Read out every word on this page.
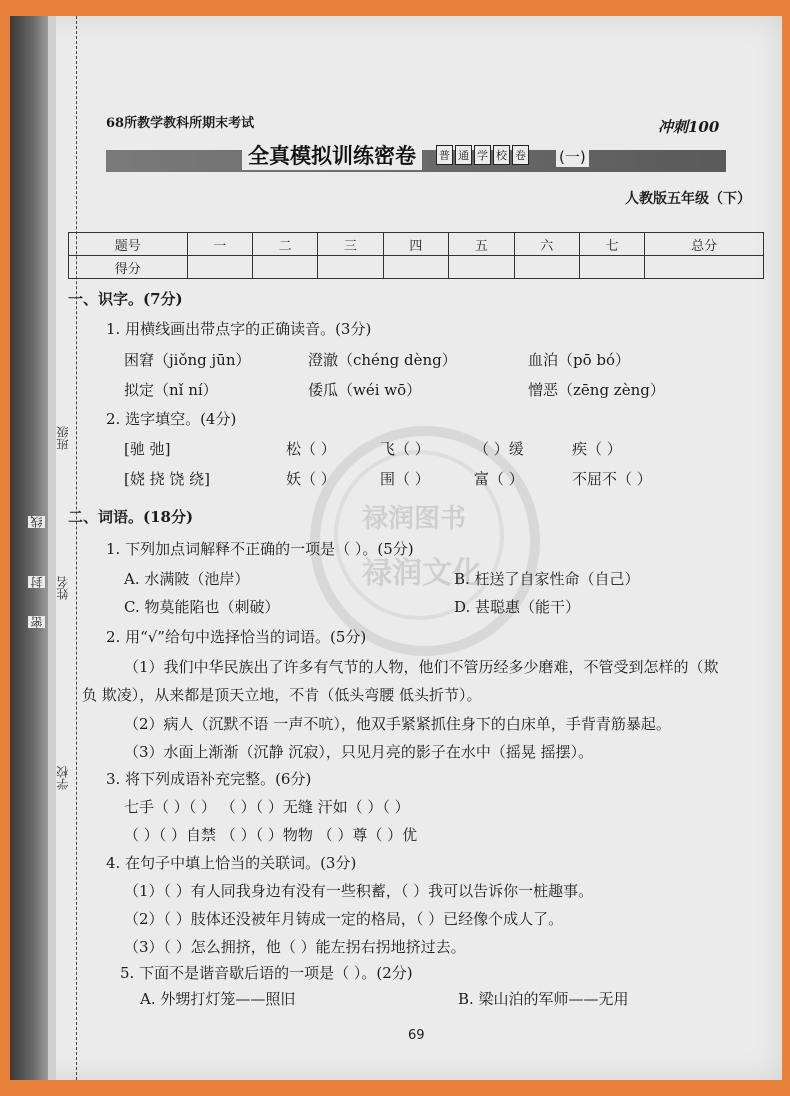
班级
姓名
学校
线
封
密
68所教学教科所期末考试	冲刺100
全真模拟训练密卷	普 通 学 校 卷 (一)
人教版五年级（下）
题号	一	二	三	四	五	六	七	总分
得分								
禄润图书
禄润文化
一、识字。(7分)
1. 用横线画出带点字的正确读音。(3分)
困窘（jiǒng jūn）	澄澈（chéng dèng）	血泊（pō bó）
拟定（nǐ ní）	倭瓜（wéi wō）	憎恶（zēng zèng）
2. 选字填空。(4分)
[驰 弛]	松（ ）	飞（ ）	（ ）缓	疾（ ）
[娆 挠 饶 绕]	妖（ ）	围（ ）	富（ ）	不屈不（ ）
二、词语。(18分)
1. 下列加点词解释不正确的一项是（ ）。(5分)
A. 水满陂（池岸）	B. 枉送了自家性命（自己）
C. 物莫能陷也（刺破）	D. 甚聪惠（能干）
2. 用“√”给句中选择恰当的词语。(5分)
（1）我们中华民族出了许多有气节的人物，他们不管历经多少磨难，不管受到怎样的（欺
负 欺凌），从来都是顶天立地，不肯（低头弯腰 低头折节）。
（2）病人（沉默不语 一声不吭），他双手紧紧抓住身下的白床单，手背青筋暴起。
（3）水面上渐渐（沉静 沉寂），只见月亮的影子在水中（摇晃 摇摆）。
3. 将下列成语补充完整。(6分)
七手（ ）（ ） （ ）（ ）无缝 汗如（ ）（ ）
（ ）（ ）自禁 （ ）（ ）物物 （ ）尊（ ）优
4. 在句子中填上恰当的关联词。(3分)
（1）（ ）有人同我身边有没有一些积蓄，（ ）我可以告诉你一桩趣事。
（2）（ ）肢体还没被年月铸成一定的格局，（ ）已经像个成人了。
（3）（ ）怎么拥挤，他（ ）能左拐右拐地挤过去。
5. 下面不是谐音歇后语的一项是（ ）。(2分)
A. 外甥打灯笼——照旧	B. 梁山泊的军师——无用
69
